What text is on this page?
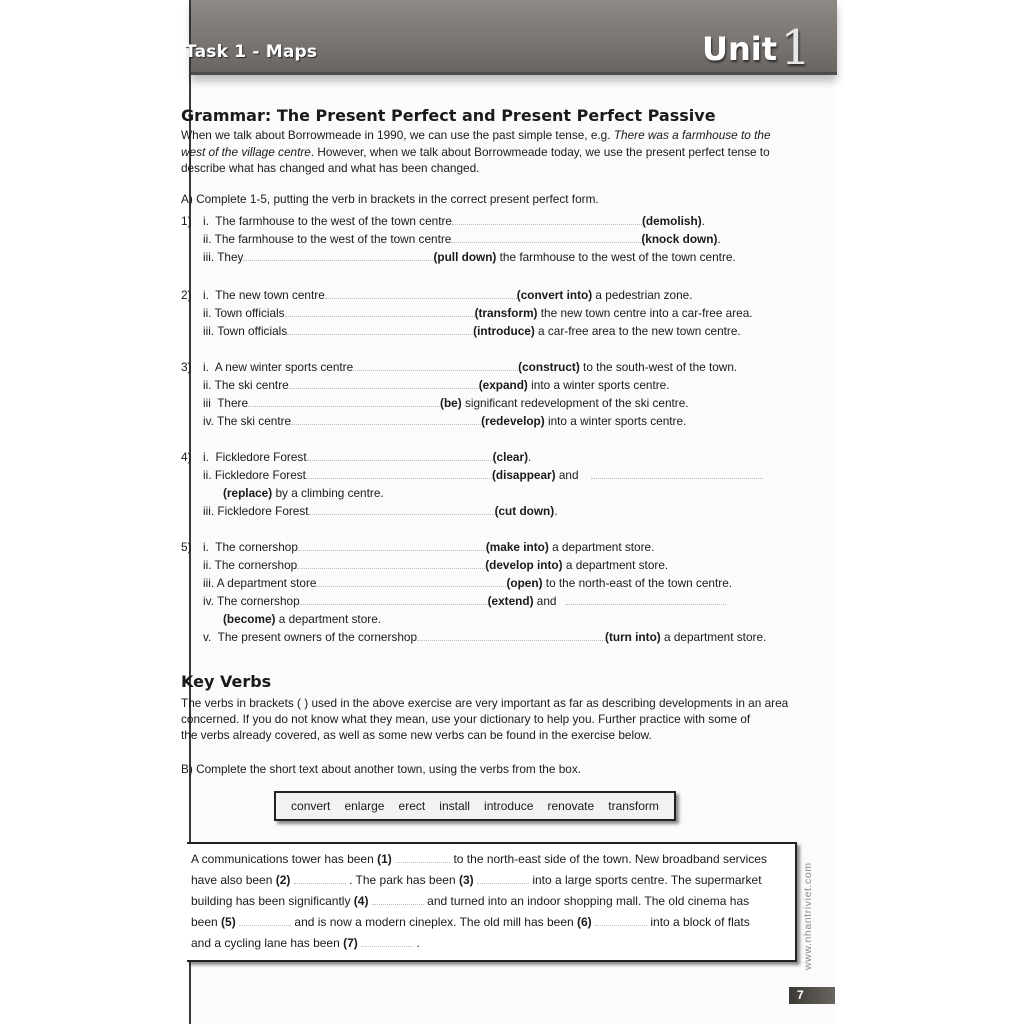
Task 1 - Maps	Unit 1
Grammar: The Present Perfect and Present Perfect Passive
When we talk about Borrowmeade in 1990, we can use the past simple tense, e.g. There was a farmhouse to the
west of the village centre. However, when we talk about Borrowmeade today, we use the present perfect tense to
describe what has changed and what has been changed.
A) Complete 1-5, putting the verb in brackets in the correct present perfect form.
1) i. The farmhouse to the west of the town centre	(demolish).
ii. The farmhouse to the west of the town centre	(knock down).
iii. They	(pull down) the farmhouse to the west of the town centre.
2) i. The new town centre	(convert into) a pedestrian zone.
ii. Town officials	(transform) the new town centre into a car-free area.
iii. Town officials	(introduce) a car-free area to the new town centre.
3) i. A new winter sports centre	(construct) to the south-west of the town.
ii. The ski centre	(expand) into a winter sports centre.
iii There	(be) significant redevelopment of the ski centre.
iv. The ski centre	(redevelop) into a winter sports centre.
4) i. Fickledore Forest	(clear).
ii. Fickledore Forest	(disappear) and
(replace) by a climbing centre.
iii. Fickledore Forest	(cut down).
5) i. The cornershop	(make into) a department store.
ii. The cornershop	(develop into) a department store.
iii. A department store	(open) to the north-east of the town centre.
iv. The cornershop	(extend) and
(become) a department store.
v. The present owners of the cornershop	(turn into) a department store.
Key Verbs
The verbs in brackets ( ) used in the above exercise are very important as far as describing developments in an area
concerned. If you do not know what they mean, use your dictionary to help you. Further practice with some of
the verbs already covered, as well as some new verbs can be found in the exercise below.
B) Complete the short text about another town, using the verbs from the box.
convert enlarge erect install introduce renovate transform
A communications tower has been (1)	to the north-east side of the town. New broadband services
have also been (2)	. The park has been (3)	into a large sports centre. The supermarket
building has been significantly (4)	and turned into an indoor shopping mall. The old cinema has
been (5)	and is now a modern cineplex. The old mill has been (6)	into a block of flats
and a cycling lane has been (7)	.	www.nhantriviet.com
7
